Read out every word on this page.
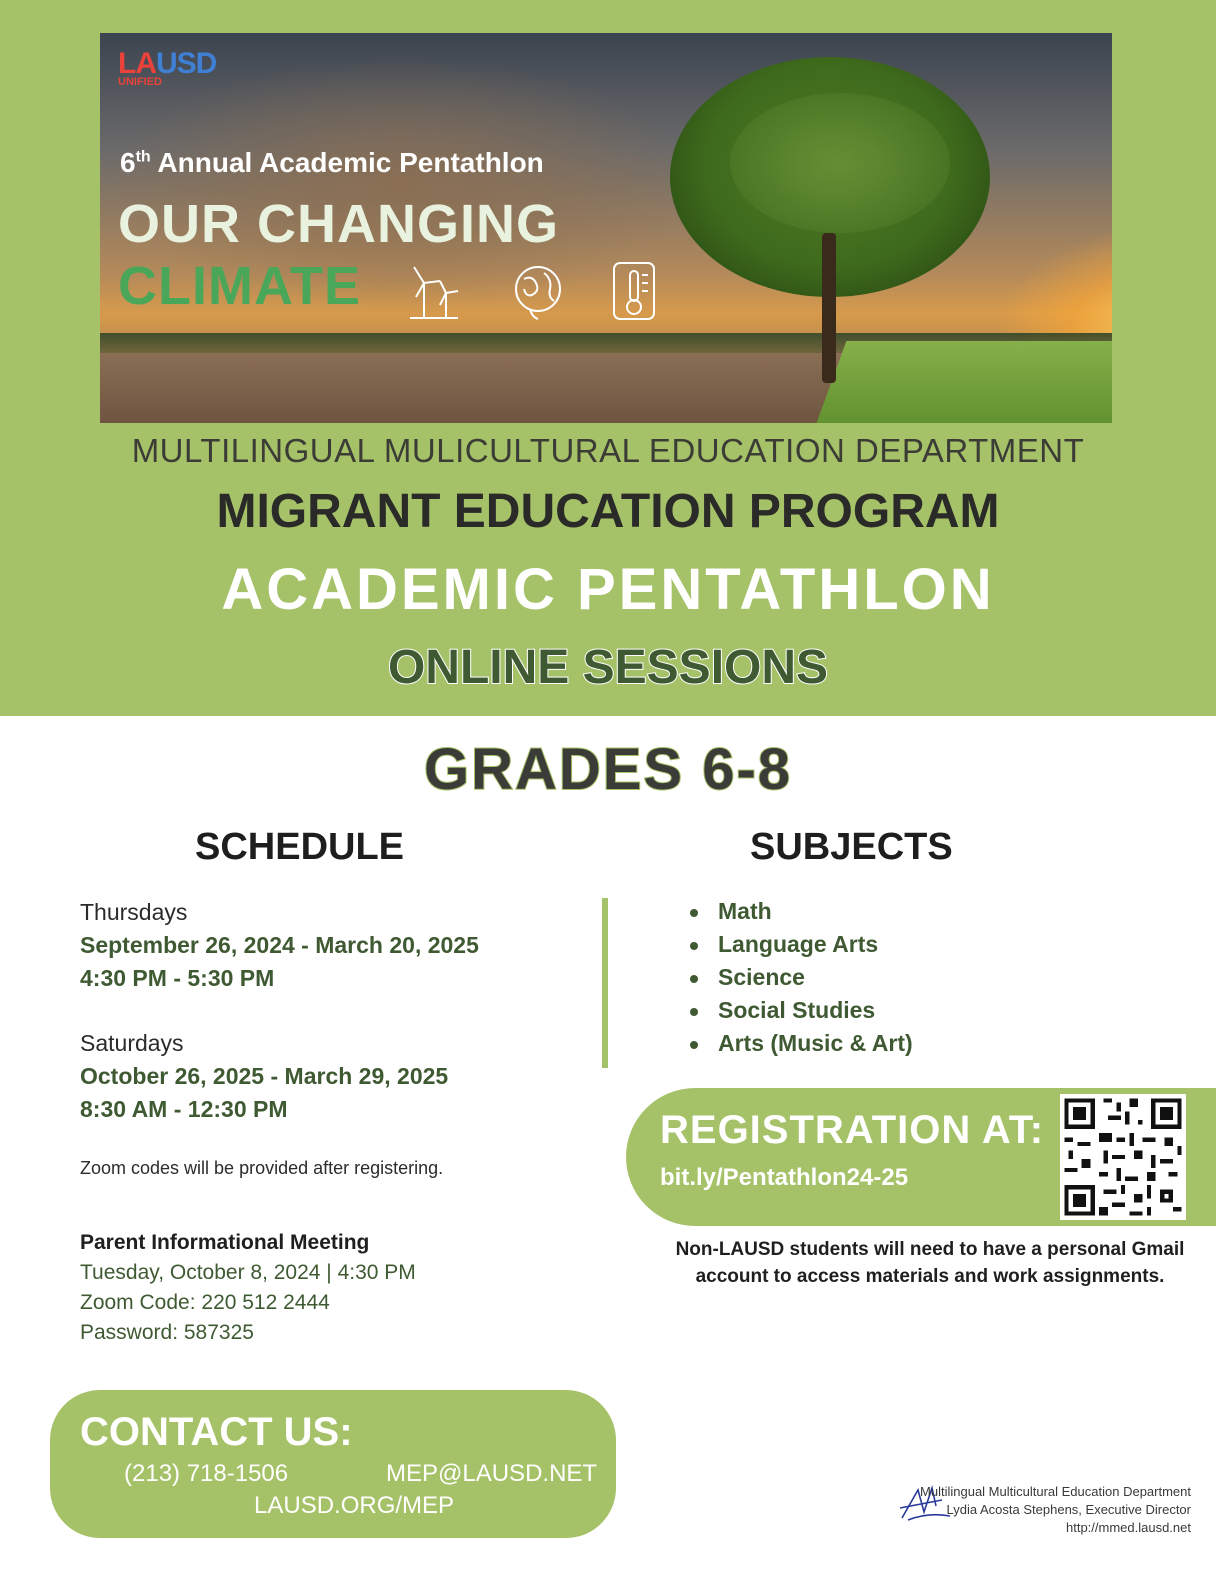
LAUSD
UNIFIED
6th Annual Academic Pentathlon
OUR CHANGING
CLIMATE
MULTILINGUAL MULICULTURAL EDUCATION DEPARTMENT
MIGRANT EDUCATION PROGRAM
ACADEMIC PENTATHLON
ONLINE SESSIONS
GRADES 6-8
SCHEDULE	SUBJECTS
Thursdays
September 26, 2024 - March 20, 2025
4:30 PM - 5:30 PM
Saturdays
October 26, 2025 - March 29, 2025
8:30 AM - 12:30 PM
Zoom codes will be provided after registering.
Parent Informational Meeting
Tuesday, October 8, 2024 | 4:30 PM
Zoom Code: 220 512 2444
Password: 587325
Math
Language Arts
Science
Social Studies
Arts (Music & Art)
REGISTRATION AT:
bit.ly/Pentathlon24-25
Non-LAUSD students will need to have a personal Gmail account to access materials and work assignments.
CONTACT US:
(213) 718-1506	MEP@LAUSD.NET
LAUSD.ORG/MEP
Multilingual Multicultural Education Department
Lydia Acosta Stephens, Executive Director
http://mmed.lausd.net
